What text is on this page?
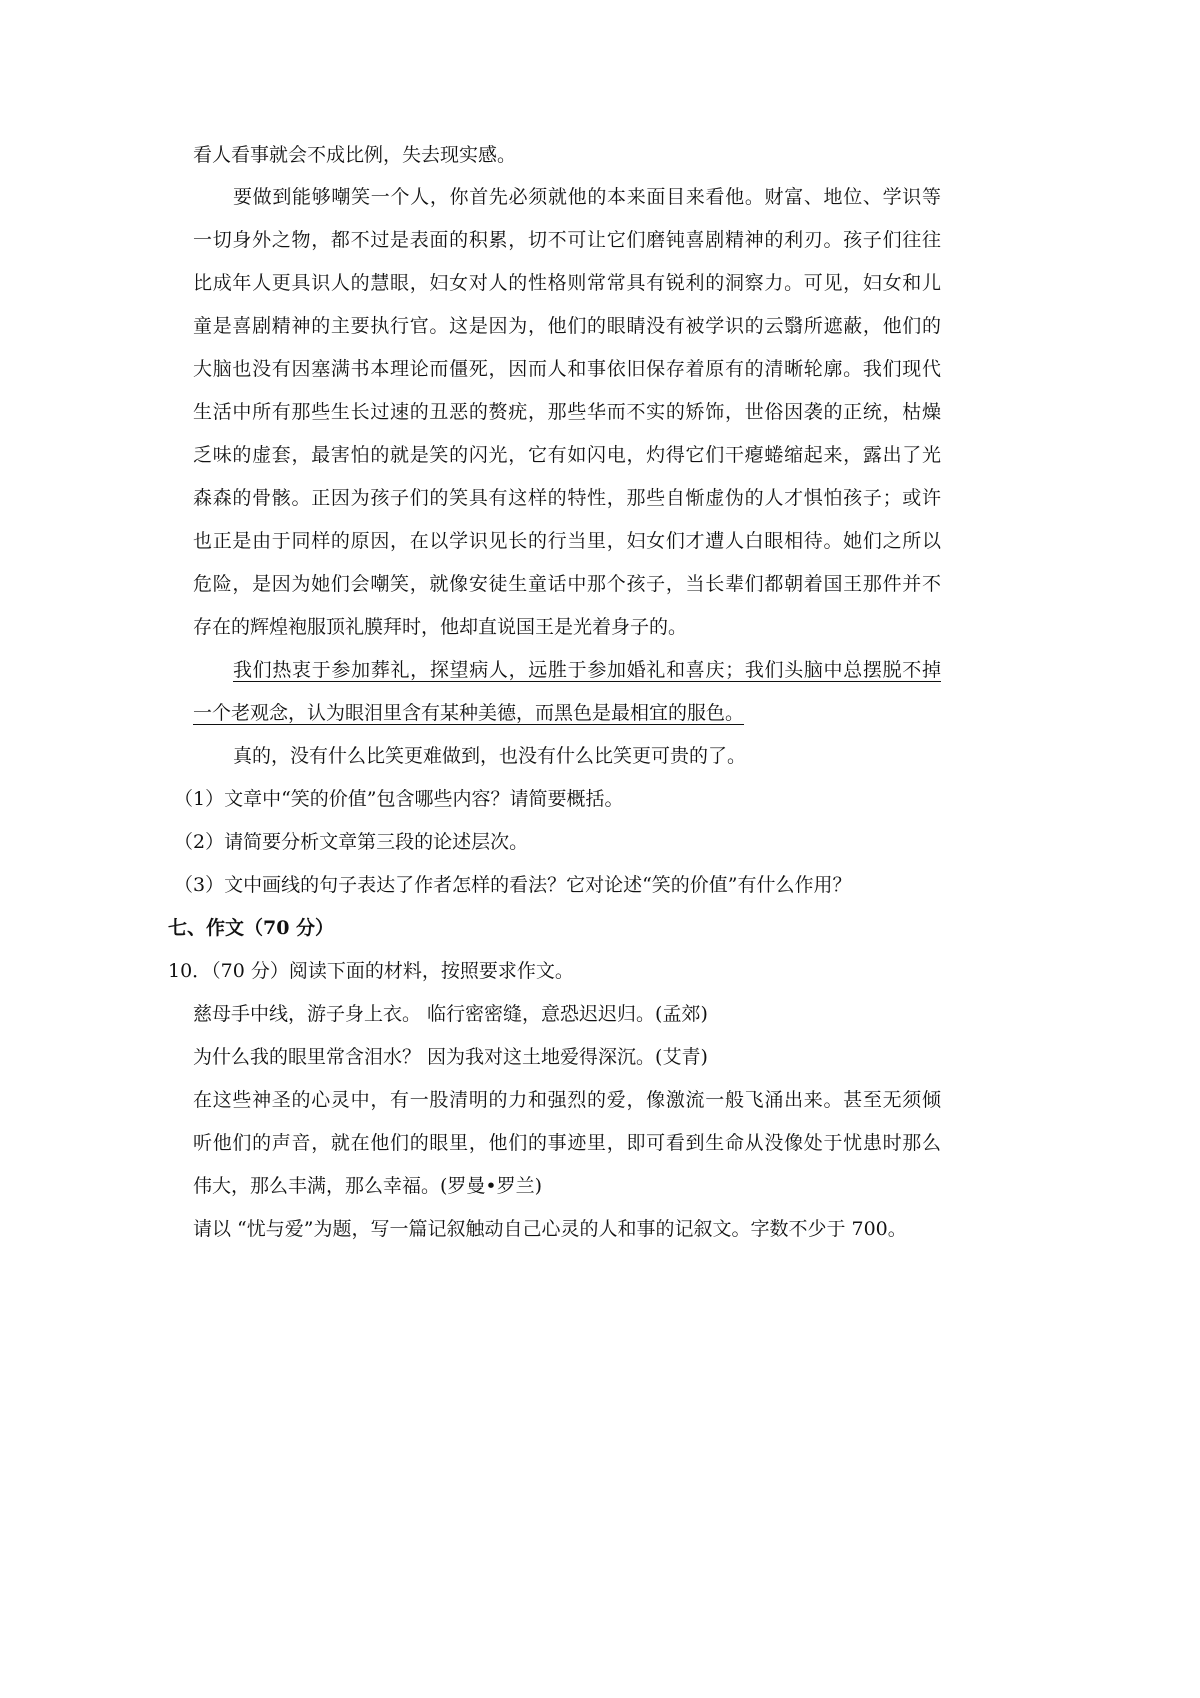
看人看事就会不成比例，失去现实感。
要做到能够嘲笑一个人，你首先必须就他的本来面目来看他。财富、地位、学识等
一切身外之物，都不过是表面的积累，切不可让它们磨钝喜剧精神的利刃。孩子们往往
比成年人更具识人的慧眼，妇女对人的性格则常常具有锐利的洞察力。可见，妇女和儿
童是喜剧精神的主要执行官。这是因为，他们的眼睛没有被学识的云翳所遮蔽，他们的
大脑也没有因塞满书本理论而僵死，因而人和事依旧保存着原有的清晰轮廓。我们现代
生活中所有那些生长过速的丑恶的赘疣，那些华而不实的矫饰，世俗因袭的正统，枯燥
乏味的虚套，最害怕的就是笑的闪光，它有如闪电，灼得它们干瘪蜷缩起来，露出了光
森森的骨骸。正因为孩子们的笑具有这样的特性，那些自惭虚伪的人才惧怕孩子；或许
也正是由于同样的原因，在以学识见长的行当里，妇女们才遭人白眼相待。她们之所以
危险，是因为她们会嘲笑，就像安徒生童话中那个孩子，当长辈们都朝着国王那件并不
存在的辉煌袍服顶礼膜拜时，他却直说国王是光着身子的。
我们热衷于参加葬礼，探望病人，远胜于参加婚礼和喜庆；我们头脑中总摆脱不掉
一个老观念，认为眼泪里含有某种美德，而黑色是最相宜的服色。
真的，没有什么比笑更难做到，也没有什么比笑更可贵的了。
（1）文章中“笑的价值”包含哪些内容？请简要概括。
（2）请简要分析文章第三段的论述层次。
（3）文中画线的句子表达了作者怎样的看法？它对论述“笑的价值”有什么作用？
七、作文（70 分）
10．（70 分）阅读下面的材料，按照要求作文。
慈母手中线，游子身上衣。 临行密密缝，意恐迟迟归。(孟郊)
为什么我的眼里常含泪水？ 因为我对这土地爱得深沉。(艾青)
在这些神圣的心灵中，有一股清明的力和强烈的爱，像激流一般飞涌出来。甚至无须倾
听他们的声音，就在他们的眼里，他们的事迹里，即可看到生命从没像处于忧患时那么
伟大，那么丰满，那么幸福。(罗曼•罗兰)
请以 “忧与爱”为题，写一篇记叙触动自己心灵的人和事的记叙文。字数不少于 700。
